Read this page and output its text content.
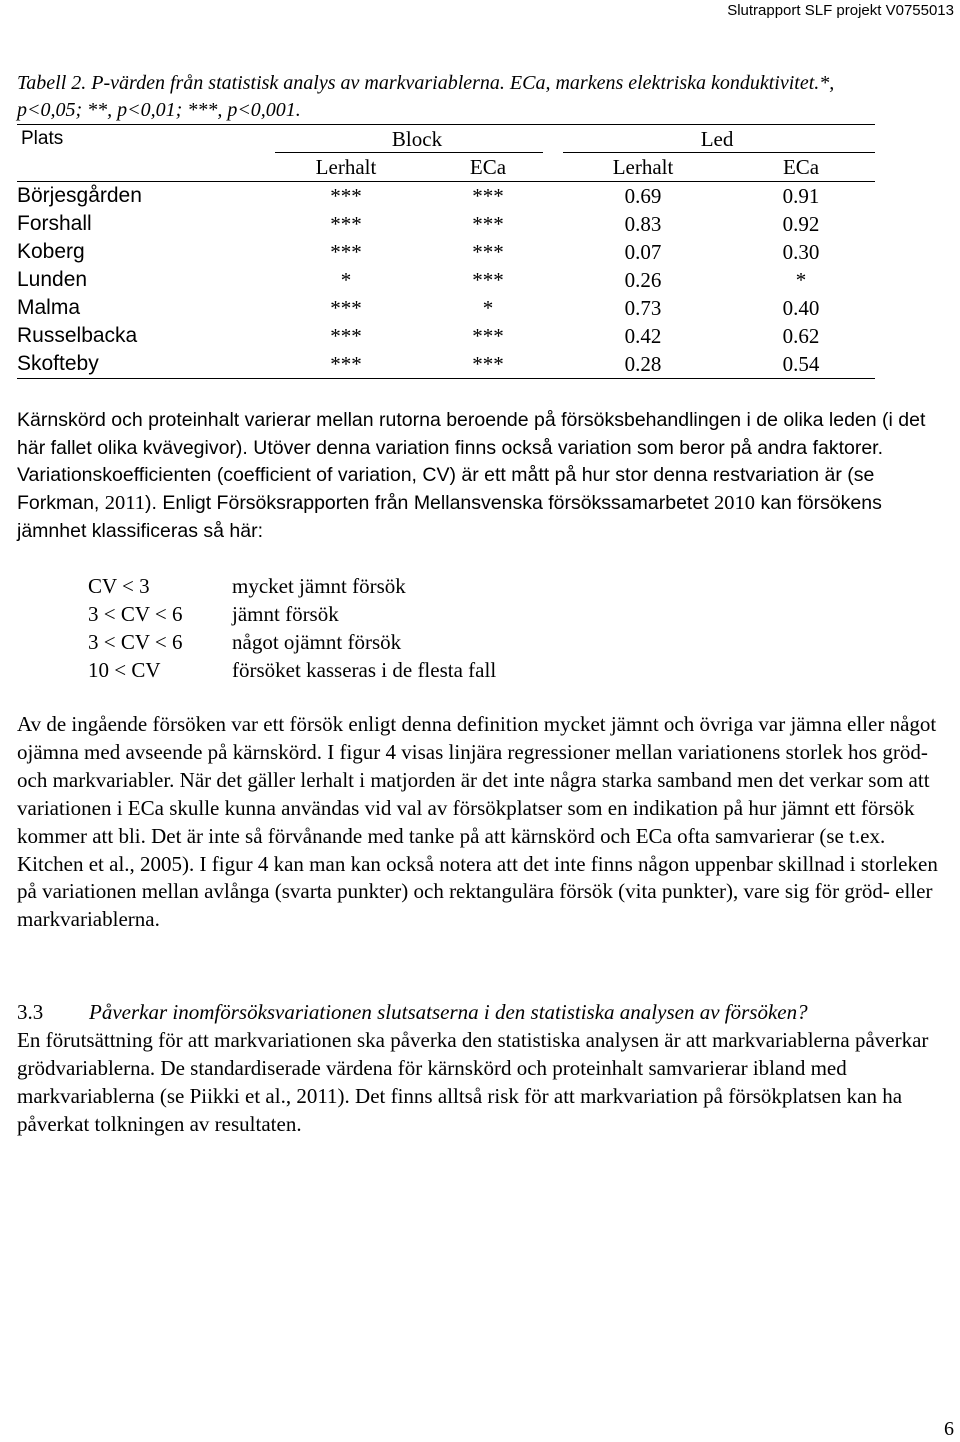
Slutrapport SLF projekt V0755013
Tabell 2. P-värden från statistisk analys av markvariablerna. ECa, markens elektriska konduktivitet.*, p<0,05; **, p<0,01; ***, p<0,001.
Plats	Block		Led	

	Lerhalt	ECa	Lerhalt	ECa
Börjesgården	***	***	0.69	0.91
Forshall	***	***	0.83	0.92
Koberg	***	***	0.07	0.30
Lunden	*	***	0.26	*
Malma	***	*	0.73	0.40
Russelbacka	***	***	0.42	0.62
Skofteby	***	***	0.28	0.54
Kärnskörd och proteinhalt varierar mellan rutorna beroende på försöksbehandlingen i de olika leden (i det här fallet olika kvävegivor). Utöver denna variation finns också variation som beror på andra faktorer. Variationskoefficienten (coefficient of variation, CV) är ett mått på hur stor denna restvariation är (se Forkman, 2011). Enligt Försöksrapporten från Mellansvenska försökssamarbetet 2010 kan försökens jämnhet klassificeras så här:
CV < 3	mycket jämnt försök
3 < CV < 6	jämnt försök
3 < CV < 6	något ojämnt försök
10 < CV	försöket kasseras i de flesta fall
Av de ingående försöken var ett försök enligt denna definition mycket jämnt och övriga var jämna eller något ojämna med avseende på kärnskörd. I figur 4 visas linjära regressioner mellan variationens storlek hos gröd- och markvariabler. När det gäller lerhalt i matjorden är det inte några starka samband men det verkar som att variationen i ECa skulle kunna användas vid val av försökplatser som en indikation på hur jämnt ett försök kommer att bli. Det är inte så förvånande med tanke på att kärnskörd och ECa ofta samvarierar (se t.ex. Kitchen et al., 2005). I figur 4 kan man kan också notera att det inte finns någon uppenbar skillnad i storleken på variationen mellan avlånga (svarta punkter) och rektangulära försök (vita punkter), vare sig för gröd- eller markvariablerna.
3.3 Påverkar inomförsöksvariationen slutsatserna i den statistiska analysen av försöken?
En förutsättning för att markvariationen ska påverka den statistiska analysen är att markvariablerna påverkar grödvariablerna. De standardiserade värdena för kärnskörd och proteinhalt samvarierar ibland med markvariablerna (se Piikki et al., 2011). Det finns alltså risk för att markvariation på försökplatsen kan ha påverkat tolkningen av resultaten.
6
